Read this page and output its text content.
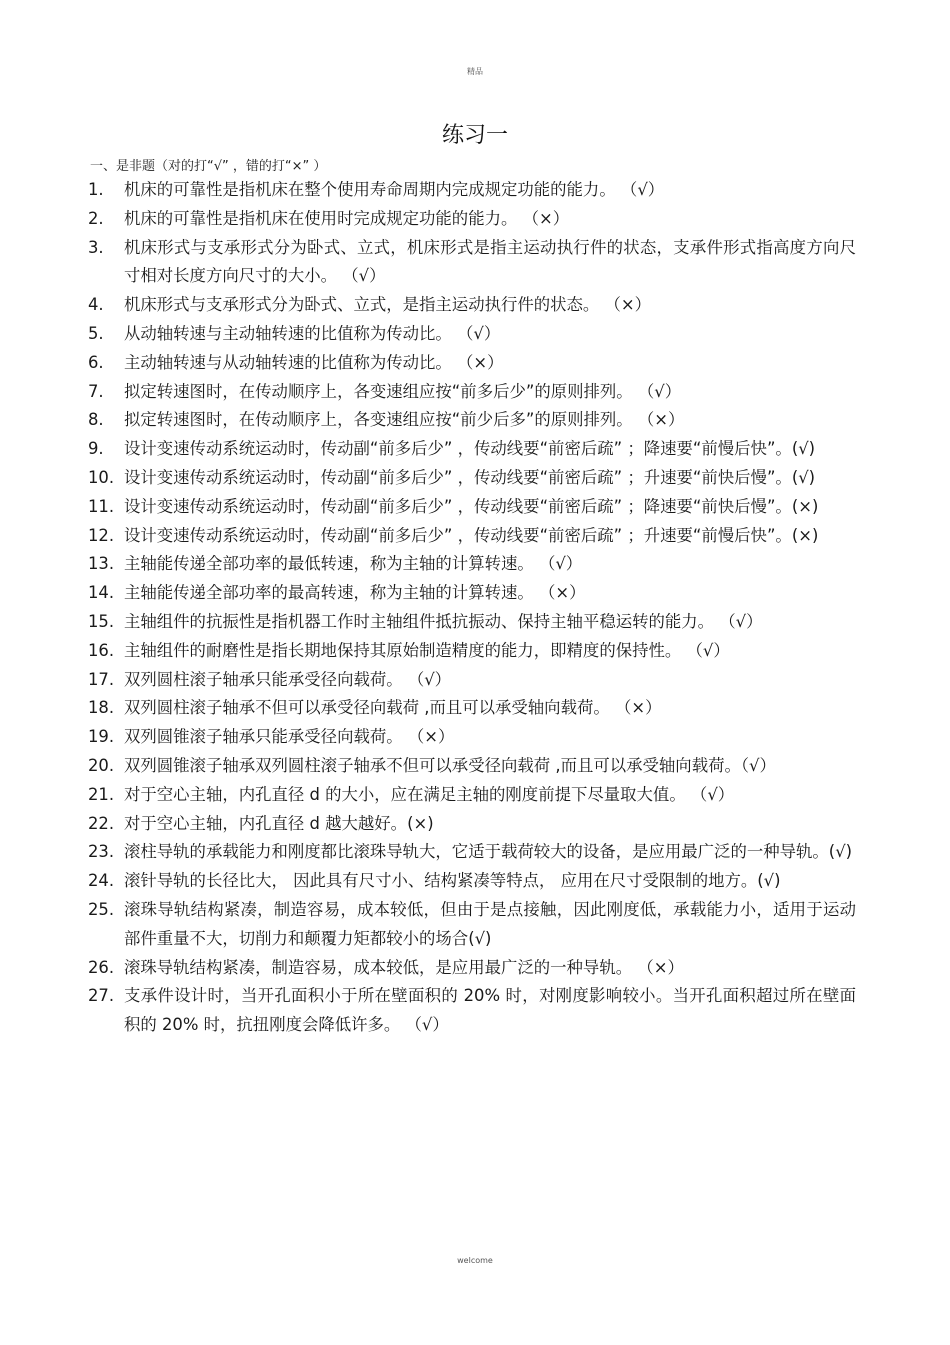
精品
练习一
一、是非题（对的打“√” ，错的打“×” ）
1.	机床的可靠性是指机床在整个使用寿命周期内完成规定功能的能力。 （√）
2.	机床的可靠性是指机床在使用时完成规定功能的能力。 （×）
3.	机床形式与支承形式分为卧式、立式，机床形式是指主运动执行件的状态，支承件形式指高度方向尺寸相对长度方向尺寸的大小。 （√）
4.	机床形式与支承形式分为卧式、立式，是指主运动执行件的状态。 （×）
5.	从动轴转速与主动轴转速的比值称为传动比。 （√）
6.	主动轴转速与从动轴转速的比值称为传动比。 （×）
7.	拟定转速图时，在传动顺序上，各变速组应按“前多后少”的原则排列。 （√）
8.	拟定转速图时，在传动顺序上，各变速组应按“前少后多”的原则排列。 （×）
9.	设计变速传动系统运动时，传动副“前多后少” ，传动线要“前密后疏” ；降速要“前慢后快”。(√)
10. 设计变速传动系统运动时，传动副“前多后少” ，传动线要“前密后疏” ；升速要“前快后慢”。(√)
11. 设计变速传动系统运动时，传动副“前多后少” ，传动线要“前密后疏” ；降速要“前快后慢”。(×)
12. 设计变速传动系统运动时，传动副“前多后少” ，传动线要“前密后疏” ；升速要“前慢后快”。(×)
13. 主轴能传递全部功率的最低转速，称为主轴的计算转速。 （√）
14. 主轴能传递全部功率的最高转速，称为主轴的计算转速。 （×）
15. 主轴组件的抗振性是指机器工作时主轴组件抵抗振动、保持主轴平稳运转的能力。 （√）
16. 主轴组件的耐磨性是指长期地保持其原始制造精度的能力，即精度的保持性。 （√）
17. 双列圆柱滚子轴承只能承受径向载荷。 （√）
18. 双列圆柱滚子轴承不但可以承受径向载荷 ,而且可以承受轴向载荷。 （×）
19. 双列圆锥滚子轴承只能承受径向载荷。 （×）
20. 双列圆锥滚子轴承双列圆柱滚子轴承不但可以承受径向载荷 ,而且可以承受轴向载荷。（√）
21. 对于空心主轴，内孔直径 d 的大小，应在满足主轴的刚度前提下尽量取大值。 （√）
22. 对于空心主轴，内孔直径 d 越大越好。(×)
23. 滚柱导轨的承载能力和刚度都比滚珠导轨大，它适于载荷较大的设备，是应用最广泛的一种导轨。(√)
24. 滚针导轨的长径比大， 因此具有尺寸小、结构紧凑等特点， 应用在尺寸受限制的地方。(√)
25. 滚珠导轨结构紧凑，制造容易，成本较低，但由于是点接触，因此刚度低，承载能力小，适用于运动部件重量不大，切削力和颠覆力矩都较小的场合(√)
26. 滚珠导轨结构紧凑，制造容易，成本较低，是应用最广泛的一种导轨。 （×）
27. 支承件设计时，当开孔面积小于所在壁面积的 20% 时，对刚度影响较小。当开孔面积超过所在壁面积的 20% 时，抗扭刚度会降低许多。 （√）
welcome
